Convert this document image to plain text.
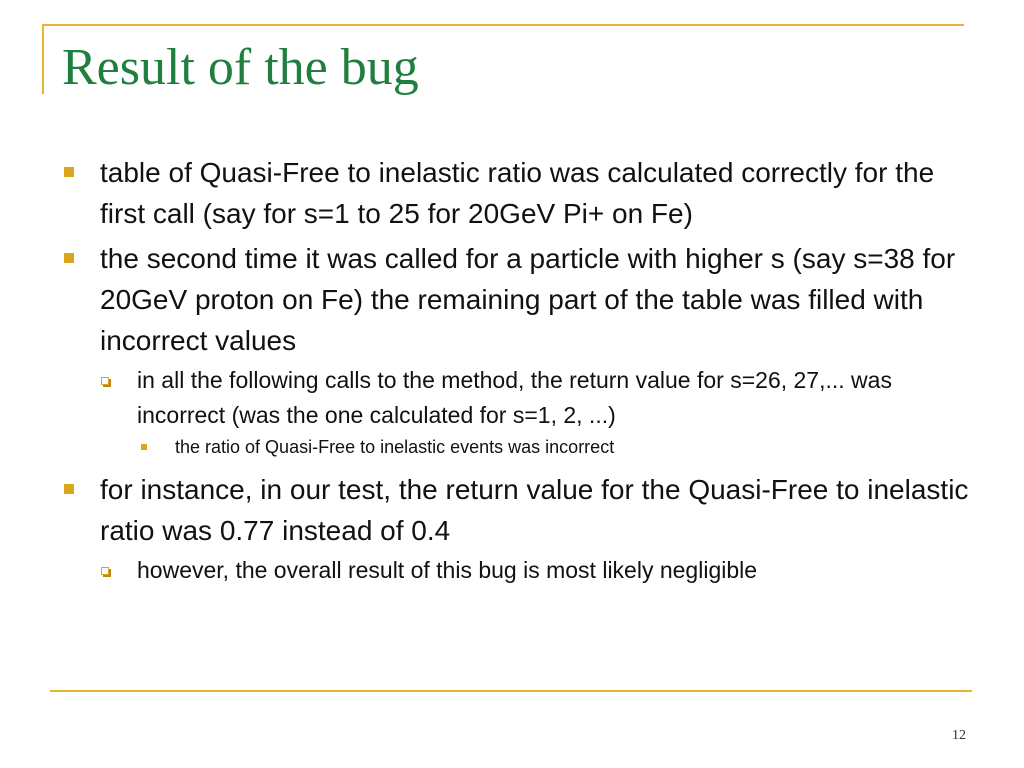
Result of the bug
table of Quasi-Free to inelastic ratio was calculated correctly for the first call (say for s=1 to 25 for 20GeV Pi+ on Fe)
the second time it was called for a particle with higher s (say s=38 for 20GeV proton on Fe) the remaining part of the table was filled with incorrect values
in all the following calls to the method, the return value for s=26, 27,... was incorrect (was the one calculated for s=1, 2, ...)
the ratio of Quasi-Free to inelastic events was incorrect
for instance, in our test, the return value for the Quasi-Free to inelastic ratio was 0.77 instead of 0.4
however, the overall result of this bug is most likely negligible
12
